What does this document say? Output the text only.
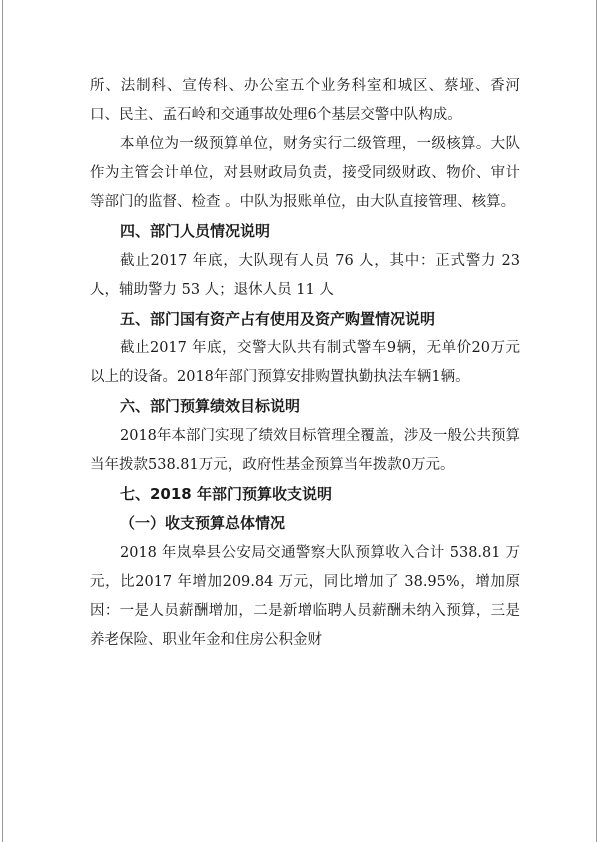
所、法制科、宣传科、办公室五个业务科室和城区、蔡垭、香河口、民主、孟石岭和交通事故处理6个基层交警中队构成。

本单位为一级预算单位，财务实行二级管理，一级核算。大队作为主管会计单位，对县财政局负责，接受同级财政、物价、审计等部门的监督、检查 。中队为报账单位，由大队直接管理、核算。

四、部门人员情况说明

截止2017 年底，大队现有人员 76 人，其中：正式警力 23 人，辅助警力 53 人；退休人员 11 人

五、部门国有资产占有使用及资产购置情况说明

截止2017 年底，交警大队共有制式警车9辆，无单价20万元以上的设备。2018年部门预算安排购置执勤执法车辆1辆。

六、部门预算绩效目标说明

2018年本部门实现了绩效目标管理全覆盖，涉及一般公共预算当年拨款538.81万元，政府性基金预算当年拨款0万元。

七、2018 年部门预算收支说明
（一）收支预算总体情况

2018 年岚皋县公安局交通警察大队预算收入合计 538.81 万元，比2017 年增加209.84 万元，同比增加了 38.95%，增加原因：一是人员薪酬增加，二是新增临聘人员薪酬未纳入预算，三是养老保险、职业年金和住房公积金财
